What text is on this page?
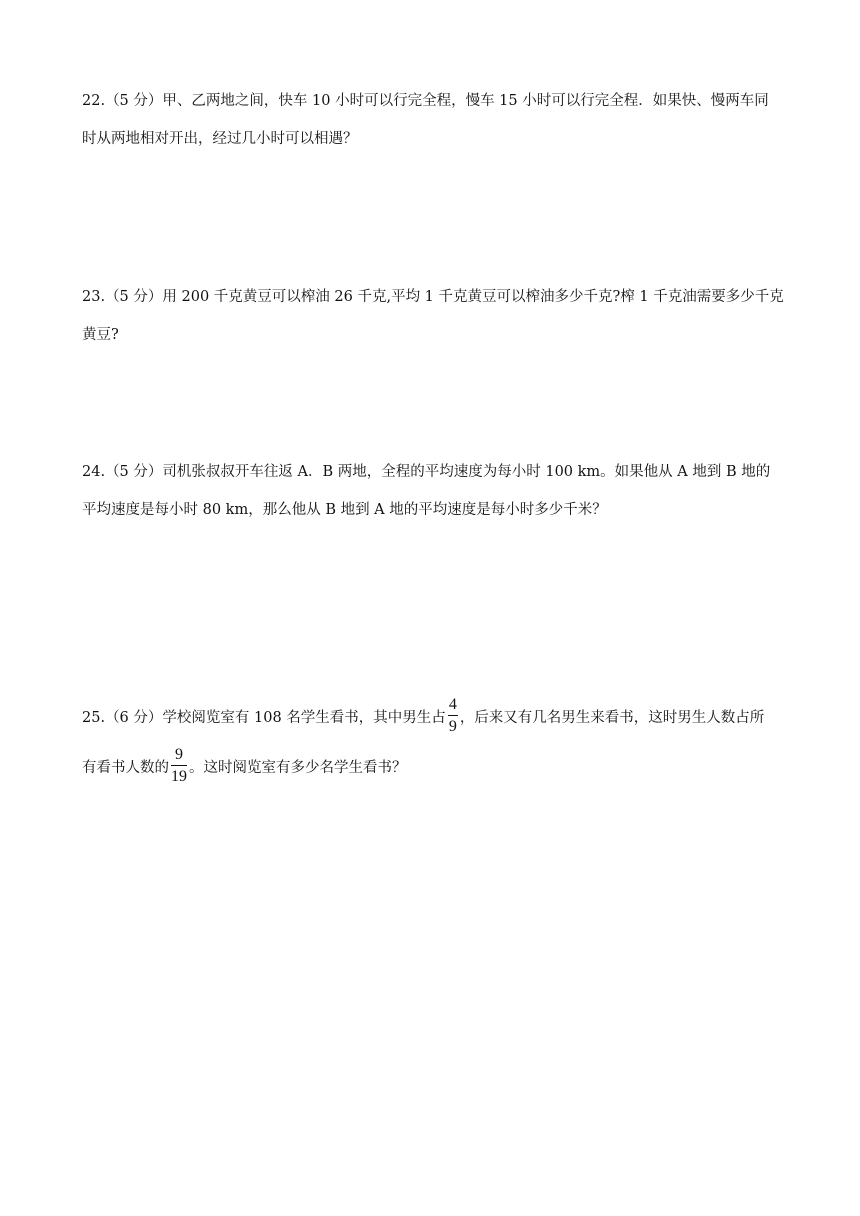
22.（5 分）甲、乙两地之间，快车 10 小时可以行完全程，慢车 15 小时可以行完全程．如果快、慢两车同
时从两地相对开出，经过几小时可以相遇？
23.（5 分）用 200 千克黄豆可以榨油 26 千克,平均 1 千克黄豆可以榨油多少千克?榨 1 千克油需要多少千克
黄豆?
24.（5 分）司机张叔叔开车往返 A．B 两地，全程的平均速度为每小时 100 km。如果他从 A 地到 B 地的
平均速度是每小时 80 km，那么他从 B 地到 A 地的平均速度是每小时多少千米？
25.（6 分）学校阅览室有 108 名学生看书，其中男生占 $\frac{4}{9}$ ，后来又有几名男生来看书，这时男生人数占所
有看书人数的 $\frac{9}{19}$ 。这时阅览室有多少名学生看书？
